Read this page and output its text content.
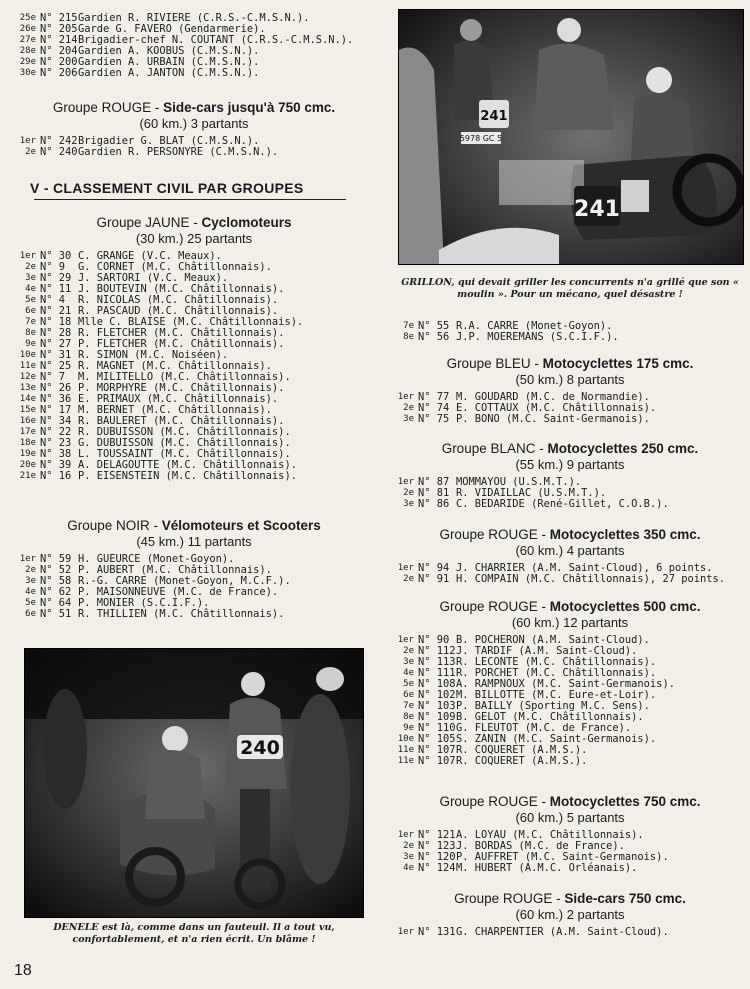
25e N° 215 Gardien R. RIVIERE (C.R.S.-C.M.S.N.).
26e N° 205 Garde G. FAVERO (Gendarmerie).
27e N° 214 Brigadier-chef N. COUTANT (C.R.S.-C.M.S.N.).
28e N° 204 Gardien A. KOOBUS (C.M.S.N.).
29e N° 200 Gardien A. URBAIN (C.M.S.N.).
30e N° 206 Gardien A. JANTON (C.M.S.N.).
Groupe ROUGE - Side-cars jusqu'à 750 cmc.
(60 km.) 3 partants
1er N° 242 Brigadier G. BLAT (C.M.S.N.).
2e N° 240 Gardien R. PERSONYRE (C.M.S.N.).
V - CLASSEMENT CIVIL PAR GROUPES
Groupe JAUNE - Cyclomoteurs
(30 km.) 25 partants
1er N° 30 C. GRANGE (V.C. Meaux).
2e N° 9	G. CORNET (M.C. Châtillonnais).
3e N° 29 J. SARTORI (V.C. Meaux).
4e N° 11 J. BOUTEVIN (M.C. Châtillonnais).
5e N° 4	R. NICOLAS (M.C. Châtillonnais).
6e N° 21 R. PASCAUD (M.C. Châtillonnais).
7e N° 18 Mlle C. BLAISE (M.C. Châtillonnais).
8e N° 28 R. FLETCHER (M.C. Châtillonnais).
9e N° 27 P. FLETCHER (M.C. Châtillonnais).
10e N° 31 R. SIMON (M.C. Noiséen).
11e N° 25 R. MAGNET (M.C. Châtillonnais).
12e N° 7	M. MILITELLO (M.C. Châtillonnais).
13e N° 26 P. MORPHYRE (M.C. Châtillonnais).
14e N° 36 E. PRIMAUX (M.C. Châtillonnais).
15e N° 17 M. BERNET (M.C. Châtillonnais).
16e N° 34 R. BAULERET (M.C. Châtillonnais).
17e N° 22 R. DUBUISSON (M.C. Châtillonnais).
18e N° 23 G. DUBUISSON (M.C. Châtillonnais).
19e N° 38 L. TOUSSAINT (M.C. Châtillonnais).
20e N° 39 A. DELAGOUTTE (M.C. Châtillonnais).
21e N° 16 P. EISENSTEIN (M.C. Châtillonnais).
Groupe NOIR - Vélomoteurs et Scooters
(45 km.) 11 partants
1er N° 59 H. GUEURCE (Monet-Goyon).
2e N° 52 P. AUBERT (M.C. Châtillonnais).
3e N° 58 R.-G. CARRE (Monet-Goyon, M.C.F.).
4e N° 62 P. MAISONNEUVE (M.C. de France).
5e N° 64 P. MONIER (S.C.I.F.).
6e N° 51 R. THILLIEN (M.C. Châtillonnais).
240
DENELE est là, comme dans un fauteuil. Il a tout vu, confortablement, et n'a rien écrit. Un blâme !
241
5978 GC 5
241
GRILLON, qui devait griller les concurrents n'a grillé que son « moulin ». Pour un mécano, quel désastre !
7e N° 55 R.A. CARRE (Monet-Goyon).
8e N° 56 J.P. MOEREMANS (S.C.I.F.).
Groupe BLEU - Motocyclettes 175 cmc.
(50 km.) 8 partants
1er N° 77 M. GOUDARD (M.C. de Normandie).
2e N° 74 E. COTTAUX (M.C. Châtillonnais).
3e N° 75 P. BONO (M.C. Saint-Germanois).
Groupe BLANC - Motocyclettes 250 cmc.
(55 km.) 9 partants
1er N° 87 MOMMAYOU (U.S.M.T.).
2e N° 81 R. VIDAILLAC (U.S.M.T.).
3e N° 86 C. BEDARIDE (René-Gillet, C.O.B.).
Groupe ROUGE - Motocyclettes 350 cmc.
(60 km.) 4 partants
1er N° 94 J. CHARRIER (A.M. Saint-Cloud), 6 points.
2e N° 91 H. COMPAIN (M.C. Châtillonnais), 27 points.
Groupe ROUGE - Motocyclettes 500 cmc.
(60 km.) 12 partants
1er N° 90 B. POCHERON (A.M. Saint-Cloud).
2e N° 112 J. TARDIF (A.M. Saint-Cloud).
3e N° 113 R. LECONTE (M.C. Châtillonnais).
4e N° 111 R. PORCHET (M.C. Châtillonnais).
5e N° 108 A. RAMPNOUX (M.C. Saint-Germanois).
6e N° 102 M. BILLOTTE (M.C. Eure-et-Loir).
7e N° 103 P. BAILLY (Sporting M.C. Sens).
8e N° 109 B. GELOT (M.C. Châtillonnais).
9e N° 110 G. FLEUTOT (M.C. de France).
10e N° 105 S. ZANIN (M.C. Saint-Germanois).
11e N° 107 R. COQUERET (A.M.S.).
11e N° 107 R. COQUERET (A.M.S.).
Groupe ROUGE - Motocyclettes 750 cmc.
(60 km.) 5 partants
1er N° 121 A. LOYAU (M.C. Châtillonnais).
2e N° 123 J. BORDAS (M.C. de France).
3e N° 120 P. AUFFRET (M.C. Saint-Germanois).
4e N° 124 M. HUBERT (A.M.C. Orléanais).
Groupe ROUGE - Side-cars 750 cmc.
(60 km.) 2 partants
1er N° 131 G. CHARPENTIER (A.M. Saint-Cloud).
18
